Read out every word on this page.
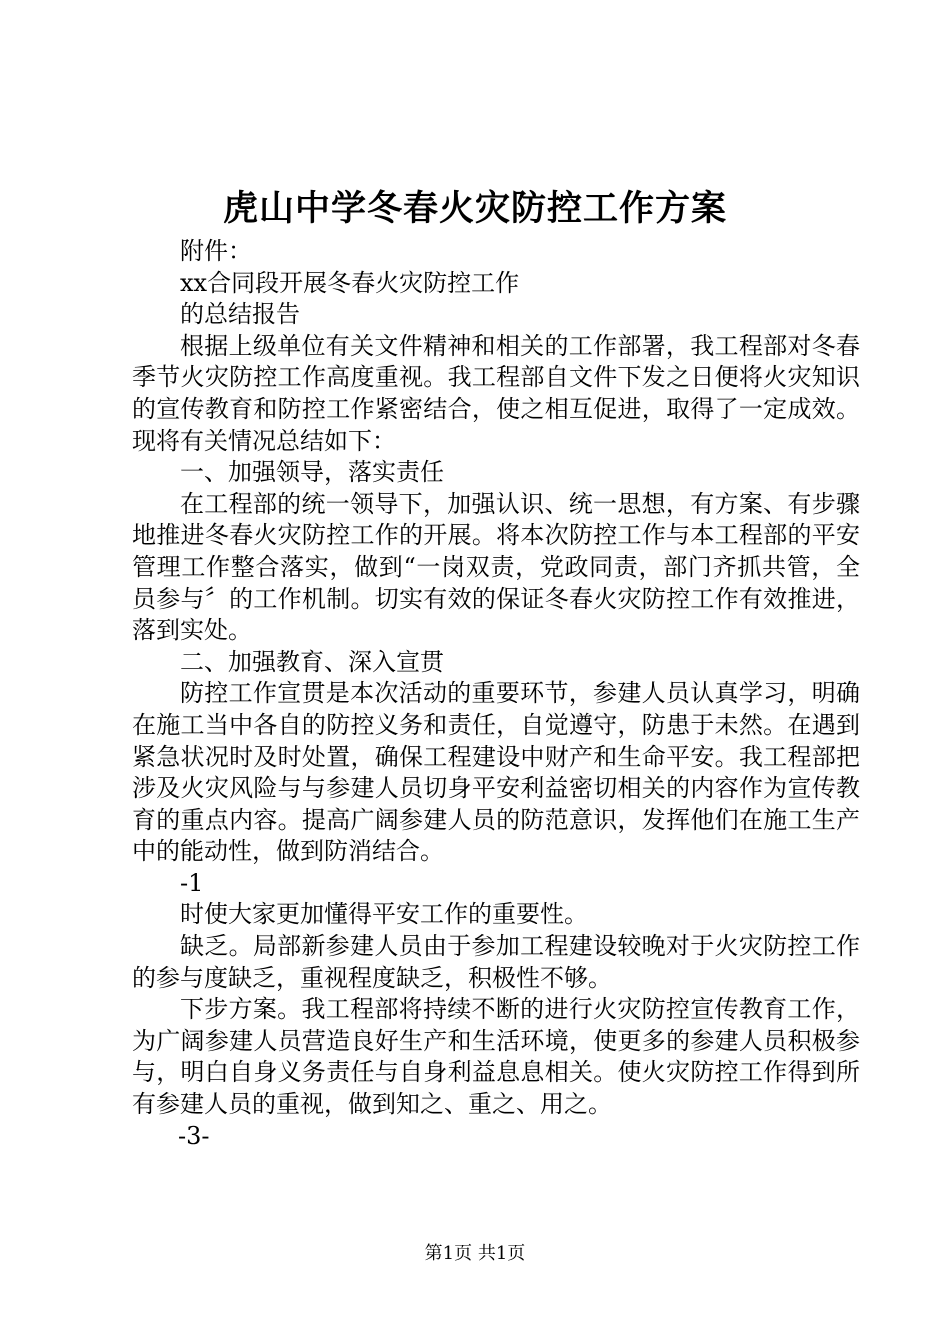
虎山中学冬春火灾防控工作方案

附件：

xx合同段开展冬春火灾防控工作

的总结报告

根据上级单位有关文件精神和相关的工作部署，我工程部对冬春季节火灾防控工作高度重视。我工程部自文件下发之日便将火灾知识的宣传教育和防控工作紧密结合，使之相互促进，取得了一定成效。现将有关情况总结如下：

一、加强领导，落实责任

在工程部的统一领导下，加强认识、统一思想，有方案、有步骤地推进冬春火灾防控工作的开展。将本次防控工作与本工程部的平安管理工作整合落实，做到“一岗双责，党政同责，部门齐抓共管，全员参与〞的工作机制。切实有效的保证冬春火灾防控工作有效推进，落到实处。

二、加强教育、深入宣贯

防控工作宣贯是本次活动的重要环节，参建人员认真学习，明确在施工当中各自的防控义务和责任，自觉遵守，防患于未然。在遇到紧急状况时及时处置，确保工程建设中财产和生命平安。我工程部把涉及火灾风险与与参建人员切身平安利益密切相关的内容作为宣传教育的重点内容。提高广阔参建人员的防范意识，发挥他们在施工生产中的能动性，做到防消结合。

-1

时使大家更加懂得平安工作的重要性。

缺乏。局部新参建人员由于参加工程建设较晚对于火灾防控工作的参与度缺乏，重视程度缺乏，积极性不够。

下步方案。我工程部将持续不断的进行火灾防控宣传教育工作，为广阔参建人员营造良好生产和生活环境，使更多的参建人员积极参与，明白自身义务责任与自身利益息息相关。使火灾防控工作得到所有参建人员的重视，做到知之、重之、用之。

-3-
第1页 共1页
